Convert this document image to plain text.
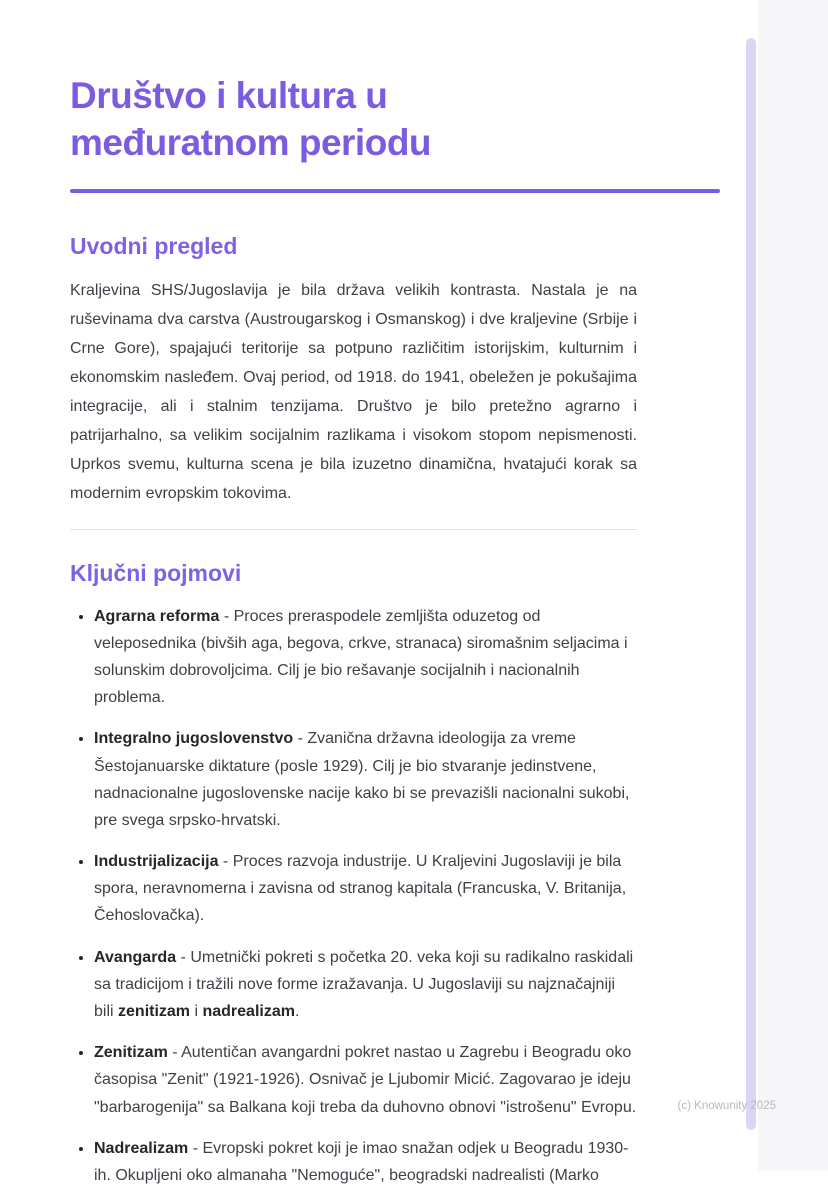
Društvo i kultura u međuratnom periodu
Uvodni pregled

Kraljevina SHS/Jugoslavija je bila država velikih kontrasta. Nastala je na ruševinama dva carstva (Austrougarskog i Osmanskog) i dve kraljevine (Srbije i Crne Gore), spajajući teritorije sa potpuno različitim istorijskim, kulturnim i ekonomskim nasleđem. Ovaj period, od 1918. do 1941, obeležen je pokušajima integracije, ali i stalnim tenzijama. Društvo je bilo pretežno agrarno i patrijarhalno, sa velikim socijalnim razlikama i visokom stopom nepismenosti. Uprkos svemu, kulturna scena je bila izuzetno dinamična, hvatajući korak sa modernim evropskim tokovima.

Ključni pojmovi
• Agrarna reforma - Proces preraspodele zemljišta oduzetog od veleposednika (bivših aga, begova, crkve, stranaca) siromašnim seljacima i solunskim dobrovoljcima. Cilj je bio rešavanje socijalnih i nacionalnih problema.
• Integralno jugoslovenstvo - Zvanična državna ideologija za vreme Šestojanuarske diktature (posle 1929). Cilj je bio stvaranje jedinstvene, nadnacionalne jugoslovenske nacije kako bi se prevazišli nacionalni sukobi, pre svega srpsko-hrvatski.
• Industrijalizacija - Proces razvoja industrije. U Kraljevini Jugoslaviji je bila spora, neravnomerna i zavisna od stranog kapitala (Francuska, V. Britanija, Čehoslovačka).
• Avangarda - Umetnički pokreti s početka 20. veka koji su radikalno raskidali sa tradicijom i tražili nove forme izražavanja. U Jugoslaviji su najznačajniji bili zenitizam i nadrealizam.
• Zenitizam - Autentičan avangardni pokret nastao u Zagrebu i Beogradu oko časopisa "Zenit" (1921-1926). Osnivač je Ljubomir Micić. Zagovarao je ideju "barbarogenija" sa Balkana koji treba da duhovno obnovi "istrošenu" Evropu.
• Nadrealizam - Evropski pokret koji je imao snažan odjek u Beogradu 1930-ih. Okupljeni oko almanaha "Nemoguće", beogradski nadrealisti (Marko
(c) Knowunity 2025
